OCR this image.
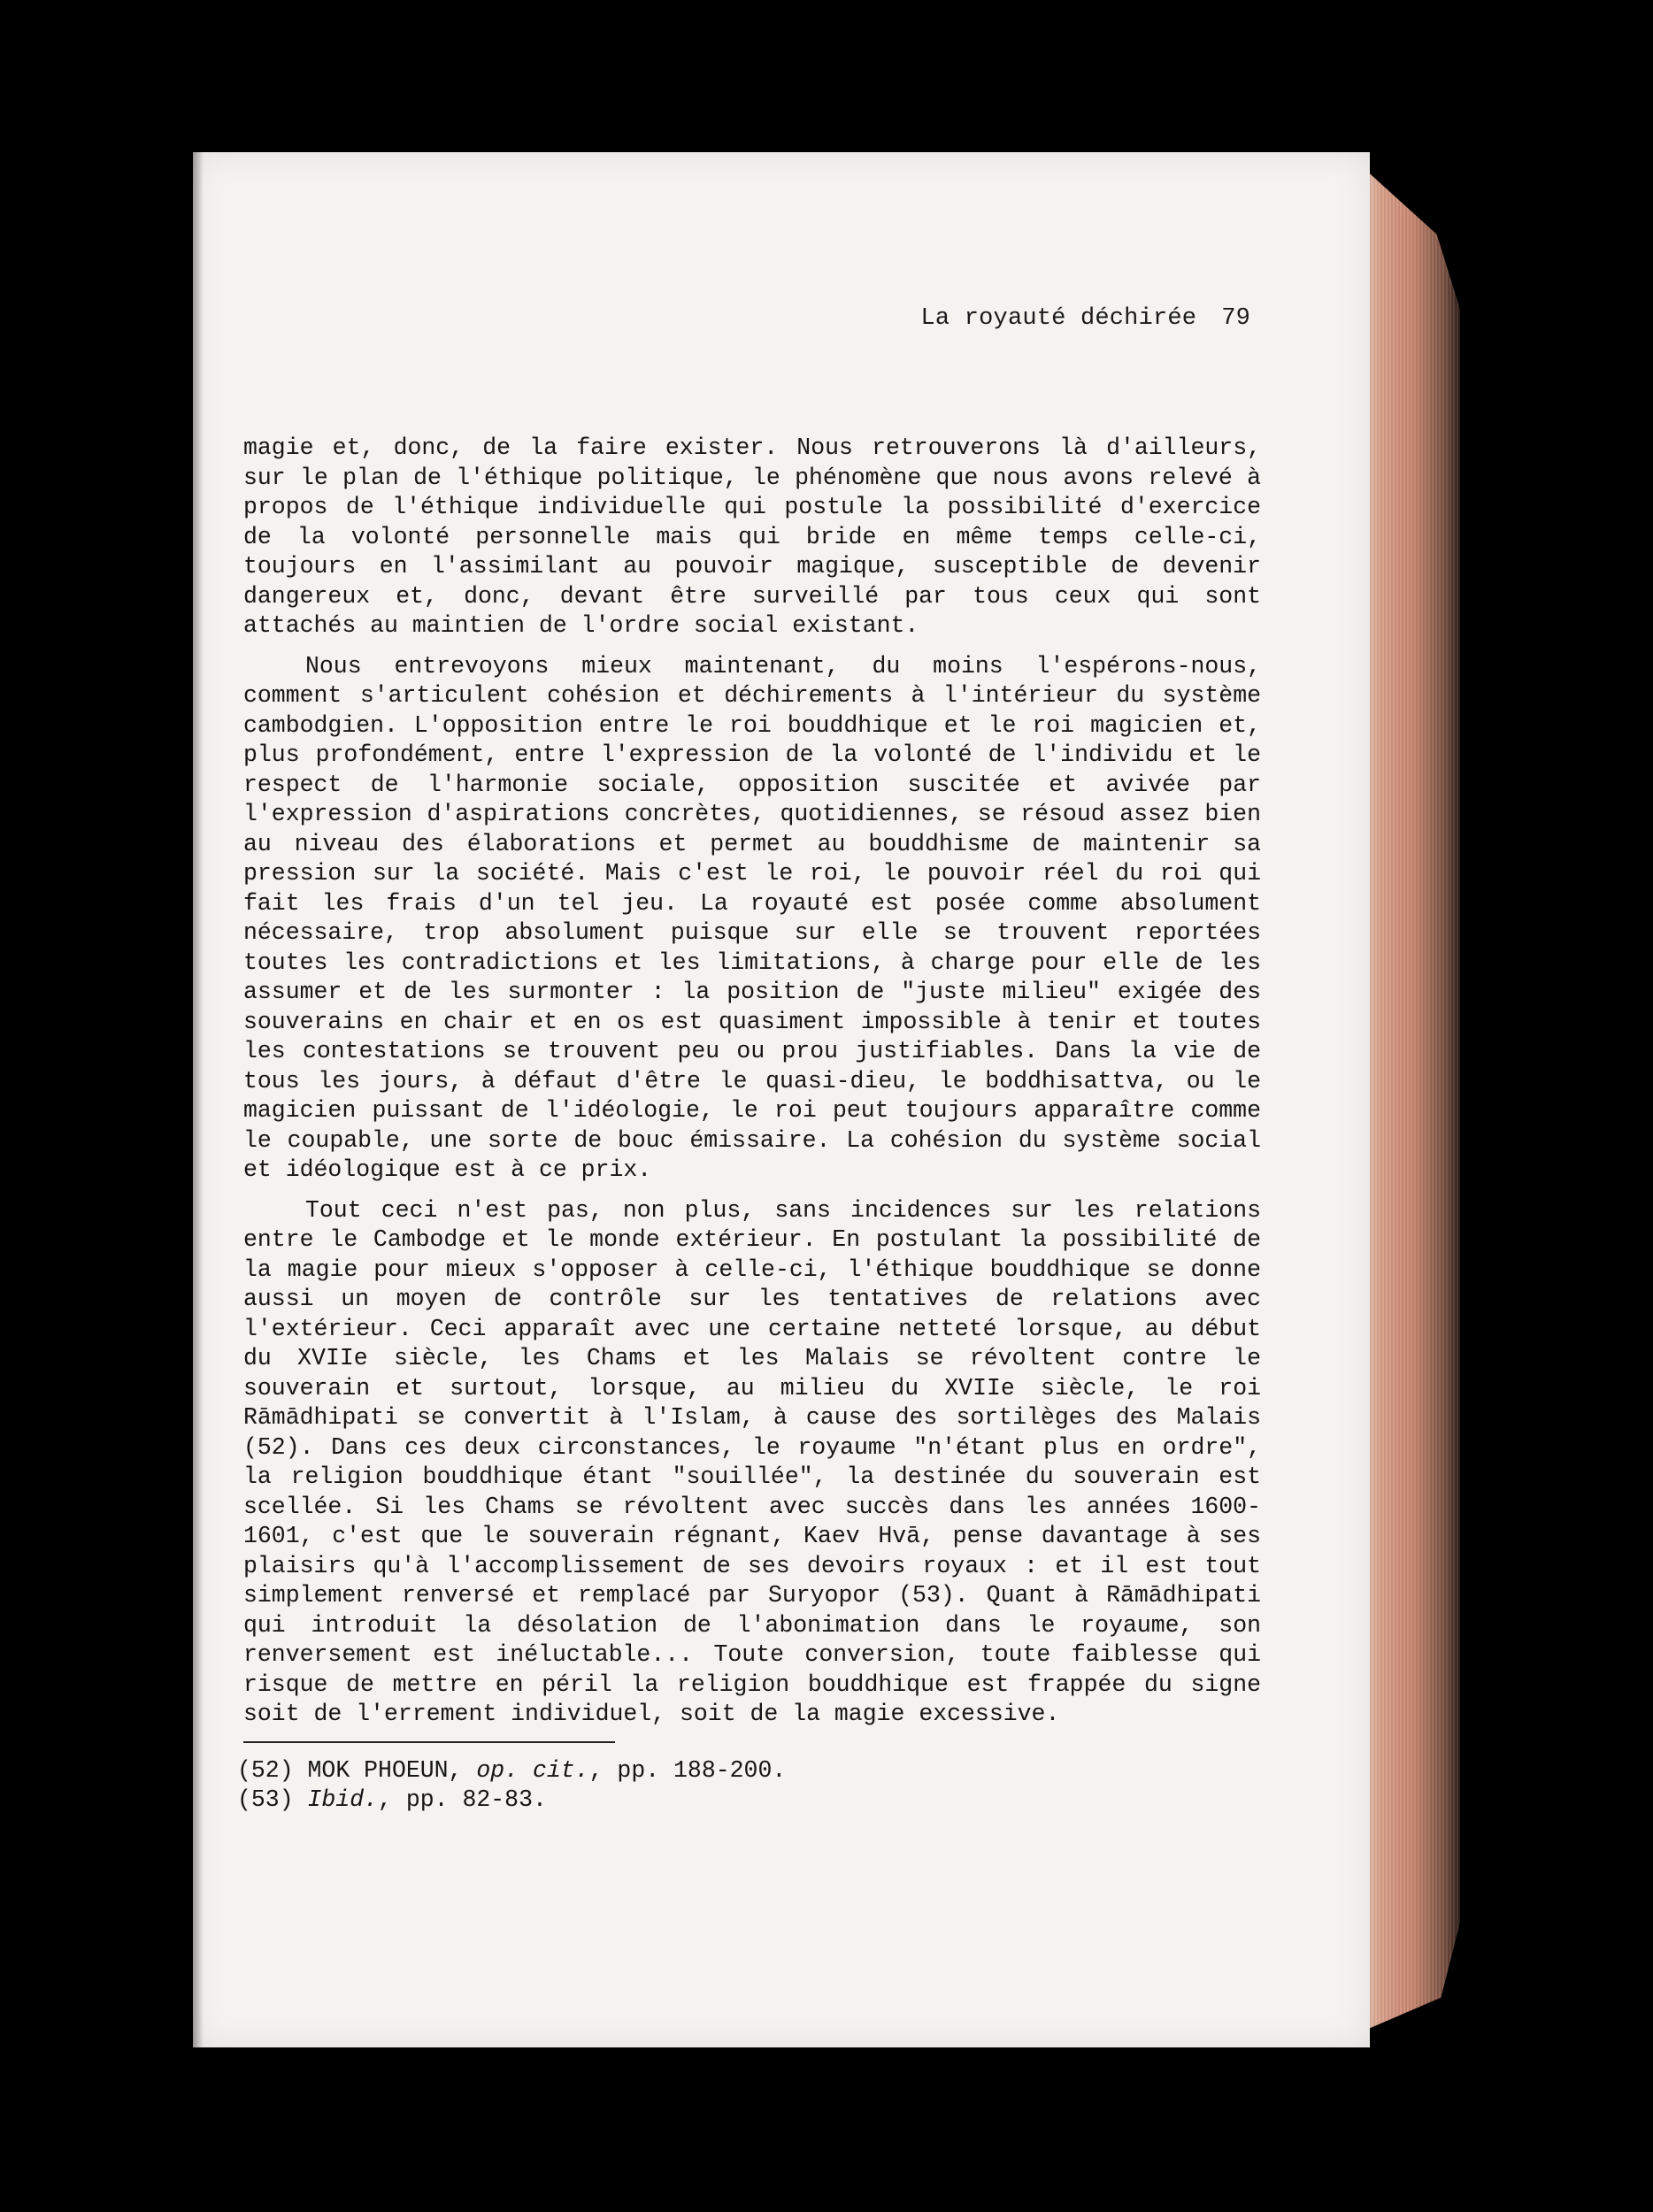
La royauté déchirée 79

magie et, donc, de la faire exister. Nous retrouverons là d'ailleurs, sur le plan de l'éthique politique, le phénomène que nous avons relevé à propos de l'éthique individuelle qui postule la possibilité d'exercice de la volonté personnelle mais qui bride en même temps celle-ci, toujours en l'assimilant au pouvoir magique, susceptible de devenir dangereux et, donc, devant être surveillé par tous ceux qui sont attachés au maintien de l'ordre social existant.

Nous entrevoyons mieux maintenant, du moins l'espérons-nous, comment s'articulent cohésion et déchirements à l'intérieur du système cambodgien. L'opposition entre le roi bouddhique et le roi magicien et, plus profondément, entre l'expression de la volonté de l'individu et le respect de l'harmonie sociale, opposition suscitée et avivée par l'expression d'aspirations concrètes, quotidiennes, se résoud assez bien au niveau des élaborations et permet au bouddhisme de maintenir sa pression sur la société. Mais c'est le roi, le pouvoir réel du roi qui fait les frais d'un tel jeu. La royauté est posée comme absolument nécessaire, trop absolument puisque sur elle se trouvent reportées toutes les contradictions et les limitations, à charge pour elle de les assumer et de les surmonter : la position de "juste milieu" exigée des souverains en chair et en os est quasiment impossible à tenir et toutes les contestations se trouvent peu ou prou justifiables. Dans la vie de tous les jours, à défaut d'être le quasi-dieu, le boddhisattva, ou le magicien puissant de l'idéologie, le roi peut toujours apparaître comme le coupable, une sorte de bouc émissaire. La cohésion du système social et idéologique est à ce prix.

Tout ceci n'est pas, non plus, sans incidences sur les relations entre le Cambodge et le monde extérieur. En postulant la possibilité de la magie pour mieux s'opposer à celle-ci, l'éthique bouddhique se donne aussi un moyen de contrôle sur les tentatives de relations avec l'extérieur. Ceci apparaît avec une certaine netteté lorsque, au début du XVIIe siècle, les Chams et les Malais se révoltent contre le souverain et surtout, lorsque, au milieu du XVIIe siècle, le roi Rāmādhipati se convertit à l'Islam, à cause des sortilèges des Malais (52). Dans ces deux circonstances, le royaume "n'étant plus en ordre", la religion bouddhique étant "souillée", la destinée du souverain est scellée. Si les Chams se révoltent avec succès dans les années 1600-1601, c'est que le souverain régnant, Kaev Hvā, pense davantage à ses plaisirs qu'à l'accomplissement de ses devoirs royaux : et il est tout simplement renversé et remplacé par Suryopor (53). Quant à Rāmādhipati qui introduit la désolation de l'abonimation dans le royaume, son renversement est inéluctable... Toute conversion, toute faiblesse qui risque de mettre en péril la religion bouddhique est frappée du signe soit de l'errement individuel, soit de la magie excessive.

(52) MOK PHOEUN, op. cit., pp. 188-200.
(53) Ibid., pp. 82-83.
